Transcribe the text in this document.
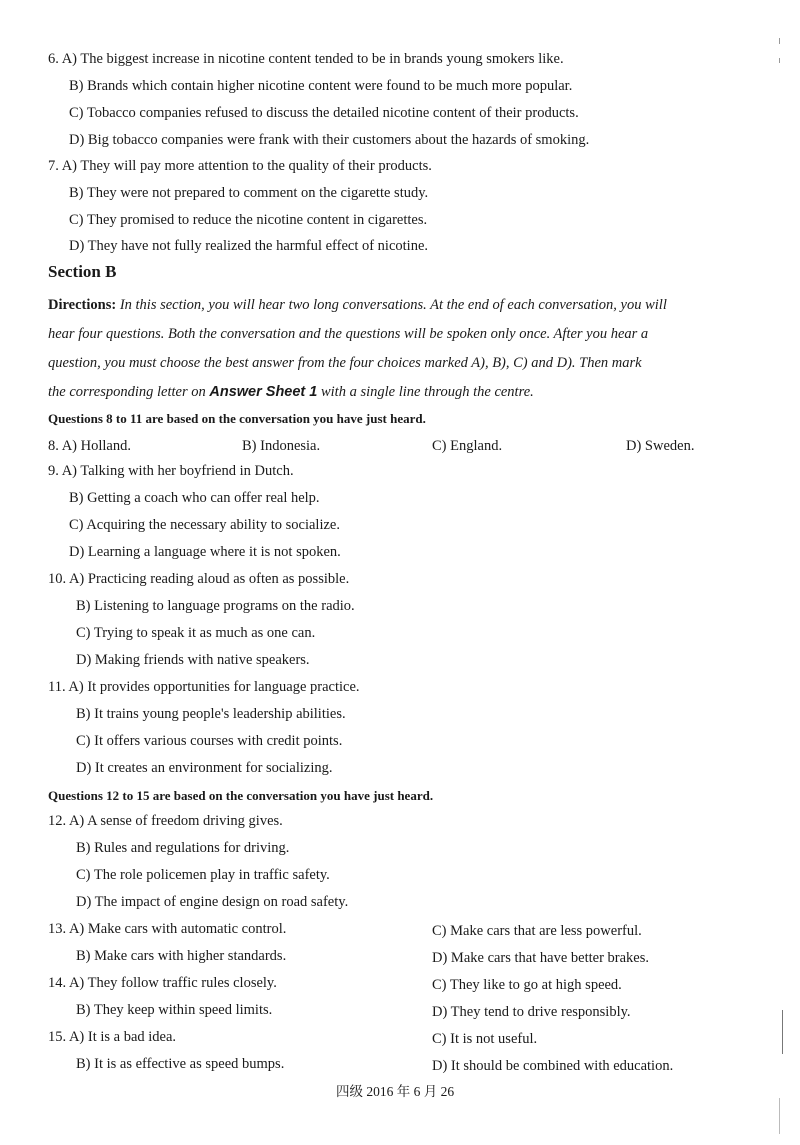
6. A) The biggest increase in nicotine content tended to be in brands young smokers like.
B) Brands which contain higher nicotine content were found to be much more popular.
C) Tobacco companies refused to discuss the detailed nicotine content of their products.
D) Big tobacco companies were frank with their customers about the hazards of smoking.
7. A) They will pay more attention to the quality of their products.
B) They were not prepared to comment on the cigarette study.
C) They promised to reduce the nicotine content in cigarettes.
D) They have not fully realized the harmful effect of nicotine.
Section B
Directions: In this section, you will hear two long conversations. At the end of each conversation, you will
hear four questions. Both the conversation and the questions will be spoken only once. After you hear a
question, you must choose the best answer from the four choices marked A), B), C) and D). Then mark
the corresponding letter on Answer Sheet 1 with a single line through the centre.
Questions 8 to 11 are based on the conversation you have just heard.
8. A) Holland.	B) Indonesia.	C) England.	D) Sweden.
9. A) Talking with her boyfriend in Dutch.
B) Getting a coach who can offer real help.
C) Acquiring the necessary ability to socialize.
D) Learning a language where it is not spoken.
10. A) Practicing reading aloud as often as possible.
B) Listening to language programs on the radio.
C) Trying to speak it as much as one can.
D) Making friends with native speakers.
11. A) It provides opportunities for language practice.
B) It trains young people's leadership abilities.
C) It offers various courses with credit points.
D) It creates an environment for socializing.
Questions 12 to 15 are based on the conversation you have just heard.
12. A) A sense of freedom driving gives.
B) Rules and regulations for driving.
C) The role policemen play in traffic safety.
D) The impact of engine design on road safety.
13. A) Make cars with automatic control.	C) Make cars that are less powerful.
B) Make cars with higher standards.	D) Make cars that have better brakes.
14. A) They follow traffic rules closely.	C) They like to go at high speed.
B) They keep within speed limits.	D) They tend to drive responsibly.
15. A) It is a bad idea.	C) It is not useful.
B) It is as effective as speed bumps.	D) It should be combined with education.
四级 2016 年 6 月 26
